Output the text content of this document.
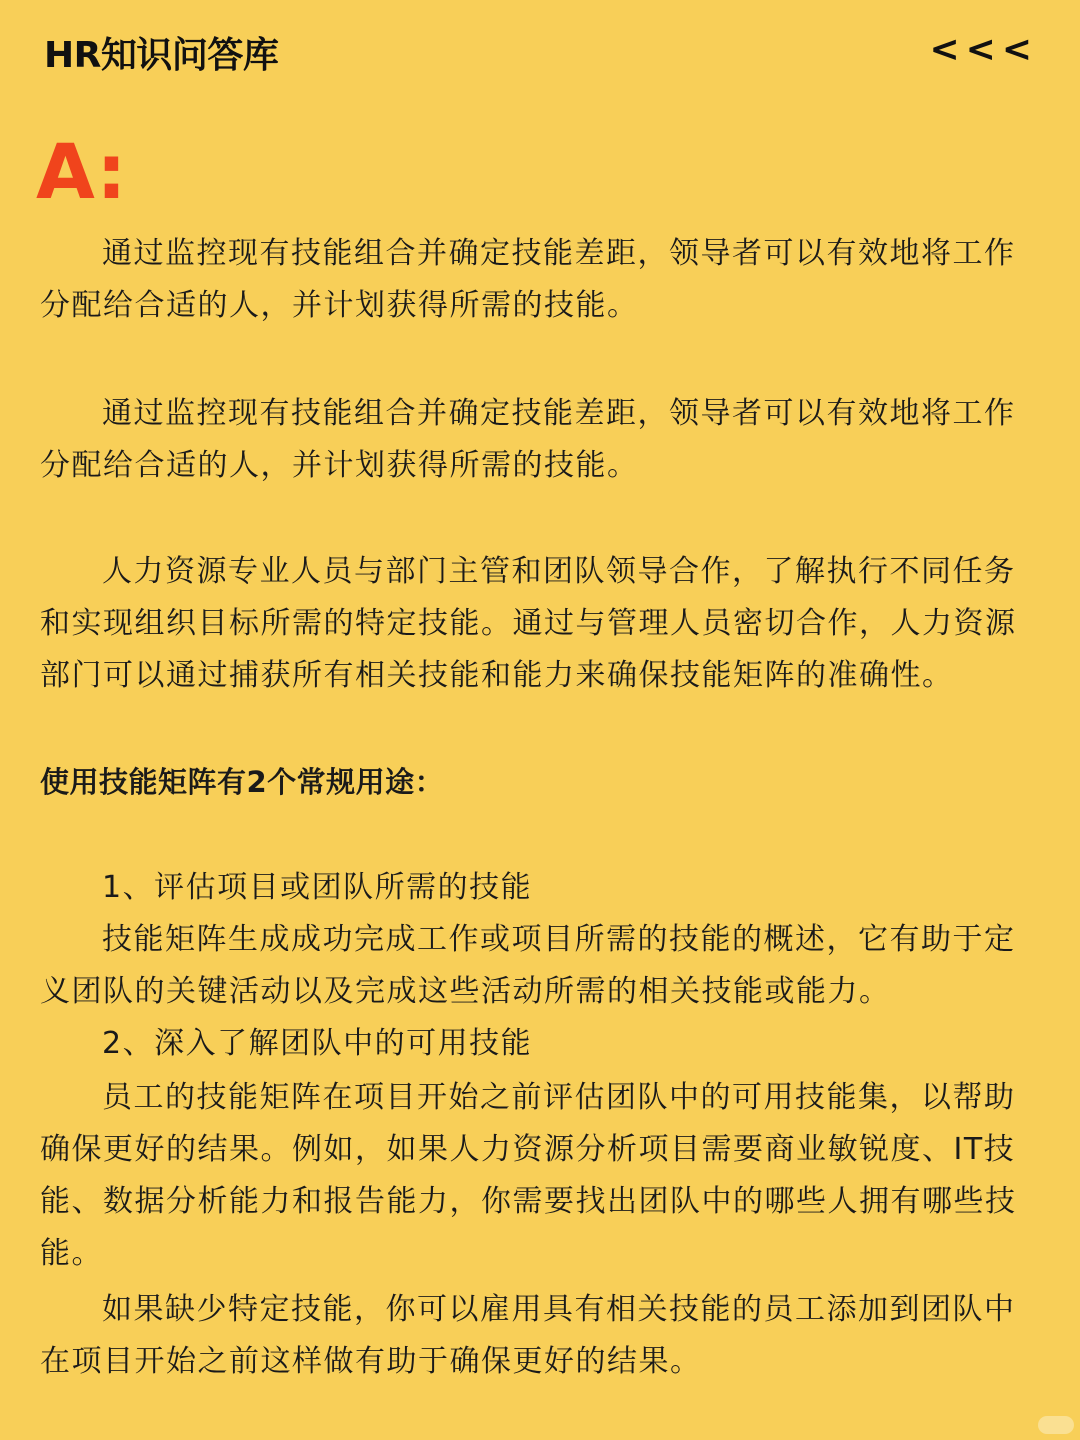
HR知识问答库	<<<
A:

通过监控现有技能组合并确定技能差距，领导者可以有效地将工作分配给合适的人，并计划获得所需的技能。

通过监控现有技能组合并确定技能差距，领导者可以有效地将工作分配给合适的人，并计划获得所需的技能。

人力资源专业人员与部门主管和团队领导合作，了解执行不同任务和实现组织目标所需的特定技能。通过与管理人员密切合作，人力资源部门可以通过捕获所有相关技能和能力来确保技能矩阵的准确性。

使用技能矩阵有2个常规用途：

1、评估项目或团队所需的技能

技能矩阵生成成功完成工作或项目所需的技能的概述，它有助于定义团队的关键活动以及完成这些活动所需的相关技能或能力。

2、深入了解团队中的可用技能

员工的技能矩阵在项目开始之前评估团队中的可用技能集，以帮助确保更好的结果。例如，如果人力资源分析项目需要商业敏锐度、IT技能、数据分析能力和报告能力，你需要找出团队中的哪些人拥有哪些技能。

如果缺少特定技能，你可以雇用具有相关技能的员工添加到团队中在项目开始之前这样做有助于确保更好的结果。
